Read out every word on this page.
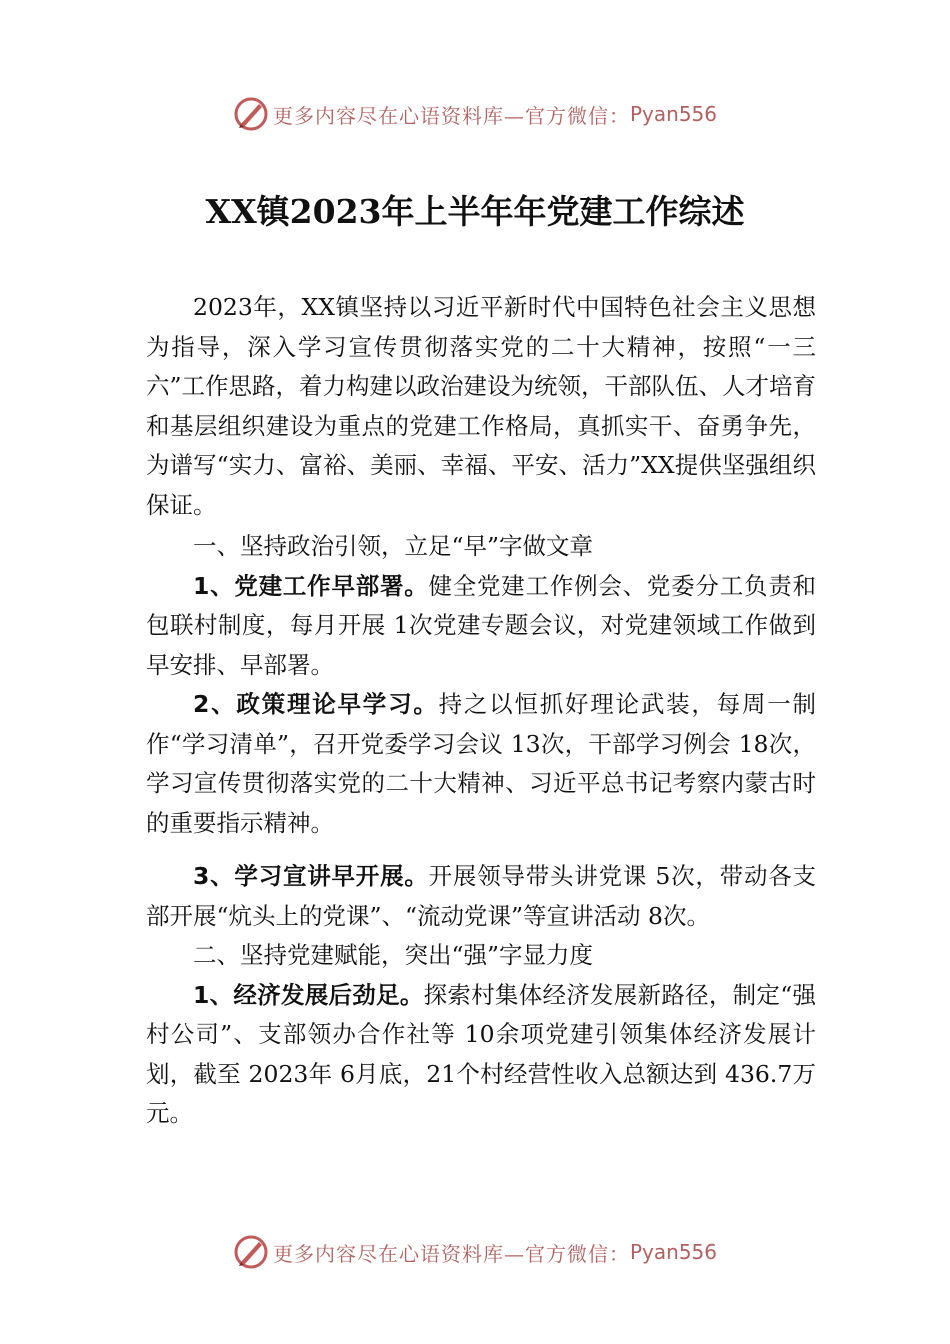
更多内容尽在心语资料库—官方微信： Pyan556
XX镇2023年上半年年党建工作综述

2023年，XX镇坚持以习近平新时代中国特色社会主义思想为指导，深入学习宣传贯彻落实党的二十大精神，按照“一三六”工作思路，着力构建以政治建设为统领，干部队伍、人才培育和基层组织建设为重点的党建工作格局，真抓实干、奋勇争先，为谱写“实力、富裕、美丽、幸福、平安、活力”XX提供坚强组织保证。

一、坚持政治引领，立足“早”字做文章

1、党建工作早部署。健全党建工作例会、党委分工负责和包联村制度，每月开展 1次党建专题会议，对党建领域工作做到早安排、早部署。

2、政策理论早学习。持之以恒抓好理论武装，每周一制作“学习清单”，召开党委学习会议 13次，干部学习例会 18次，学习宣传贯彻落实党的二十大精神、习近平总书记考察内蒙古时的重要指示精神。

3、学习宣讲早开展。开展领导带头讲党课 5次，带动各支部开展“炕头上的党课”、“流动党课”等宣讲活动 8次。

二、坚持党建赋能，突出“强”字显力度

1、经济发展后劲足。探索村集体经济发展新路径，制定“强村公司”、支部领办合作社等 10余项党建引领集体经济发展计划，截至 2023年 6月底，21个村经营性收入总额达到 436.7万元。

更多内容尽在心语资料库—官方微信： Pyan556
